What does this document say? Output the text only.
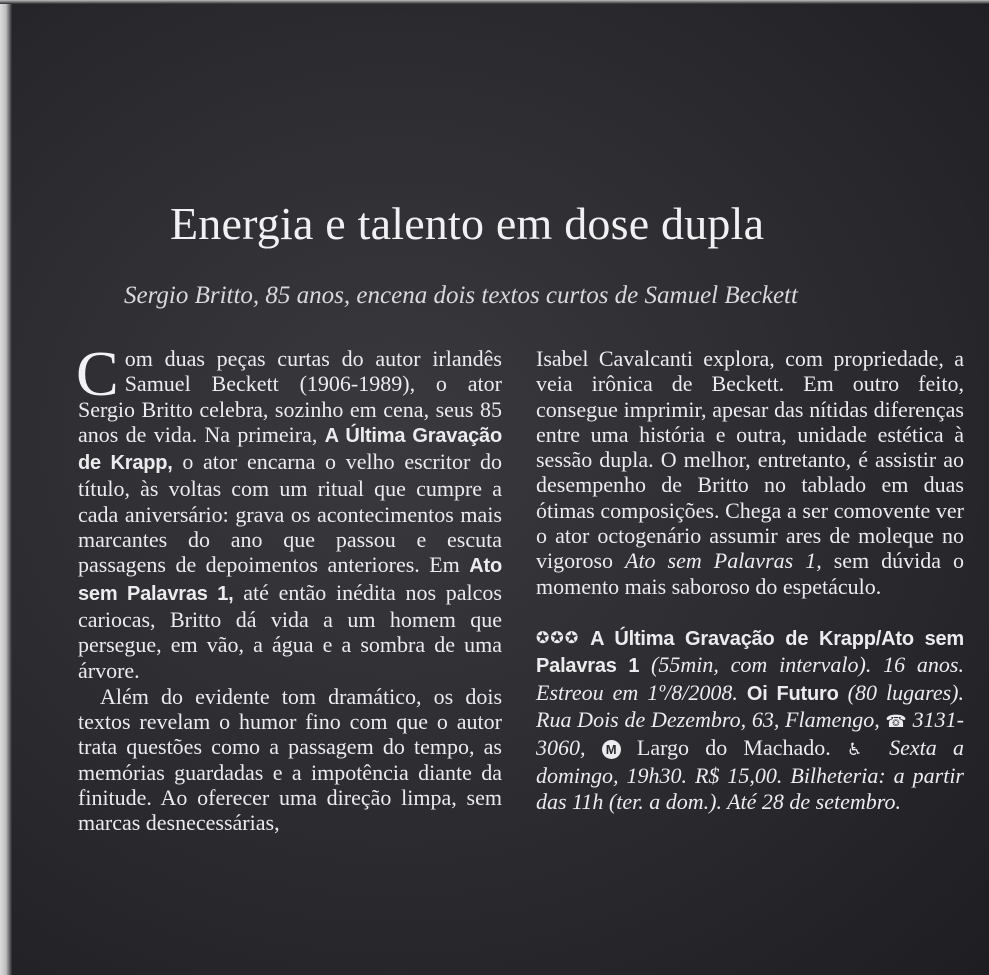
Energia e talento em dose dupla
Sergio Britto, 85 anos, encena dois textos curtos de Samuel Beckett

Com duas peças curtas do autor irlandês Samuel Beckett (1906-1989), o ator Sergio Britto celebra, sozinho em cena, seus 85 anos de vida. Na primeira, A Última Gravação de Krapp, o ator encarna o velho escritor do título, às voltas com um ritual que cumpre a cada aniversário: grava os acontecimentos mais marcantes do ano que passou e escuta passagens de depoimentos anteriores. Em Ato sem Palavras 1, até então inédita nos palcos cariocas, Britto dá vida a um homem que persegue, em vão, a água e a sombra de uma árvore.

Além do evidente tom dramático, os dois textos revelam o humor fino com que o autor trata questões como a passagem do tempo, as memórias guardadas e a impotência diante da finitude. Ao oferecer uma direção limpa, sem marcas desnecessárias,

Isabel Cavalcanti explora, com propriedade, a veia irônica de Beckett. Em outro feito, consegue imprimir, apesar das nítidas diferenças entre uma história e outra, unidade estética à sessão dupla. O melhor, entretanto, é assistir ao desempenho de Britto no tablado em duas ótimas composições. Chega a ser comovente ver o ator octogenário assumir ares de moleque no vigoroso Ato sem Palavras 1, sem dúvida o momento mais saboroso do espetáculo.

✪✪✪ A Última Gravação de Krapp/Ato sem Palavras 1 (55min, com intervalo). 16 anos. Estreou em 1º/8/2008. Oi Futuro (80 lugares). Rua Dois de Dezembro, 63, Flamengo, ☎ 3131-3060, M Largo do Machado. ♿ Sexta a domingo, 19h30. R$ 15,00. Bilheteria: a partir das 11h (ter. a dom.). Até 28 de setembro.
